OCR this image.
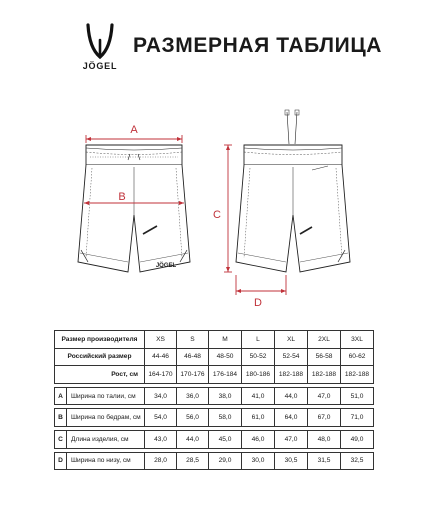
JÖGEL
РАЗМЕРНАЯ ТАБЛИЦА
JÖGEL
A
B
C
D
Размер производителя		XS	S	M	L	XL	2XL	3XL
Российский размер		44-46	46-48	48-50	50-52	52-54	56-58	60-62
Рост, см		164-170	170-176	176-184	180-186	182-188	182-188	182-188

A	Ширина по талии, см	34,0	36,0	38,0	41,0	44,0	47,0	51,0

B	Ширина по бедрам, см	54,0	56,0	58,0	61,0	64,0	67,0	71,0

C	Длина изделия, см	43,0	44,0	45,0	46,0	47,0	48,0	49,0

D	Ширина по низу, см	28,0	28,5	29,0	30,0	30,5	31,5	32,5
